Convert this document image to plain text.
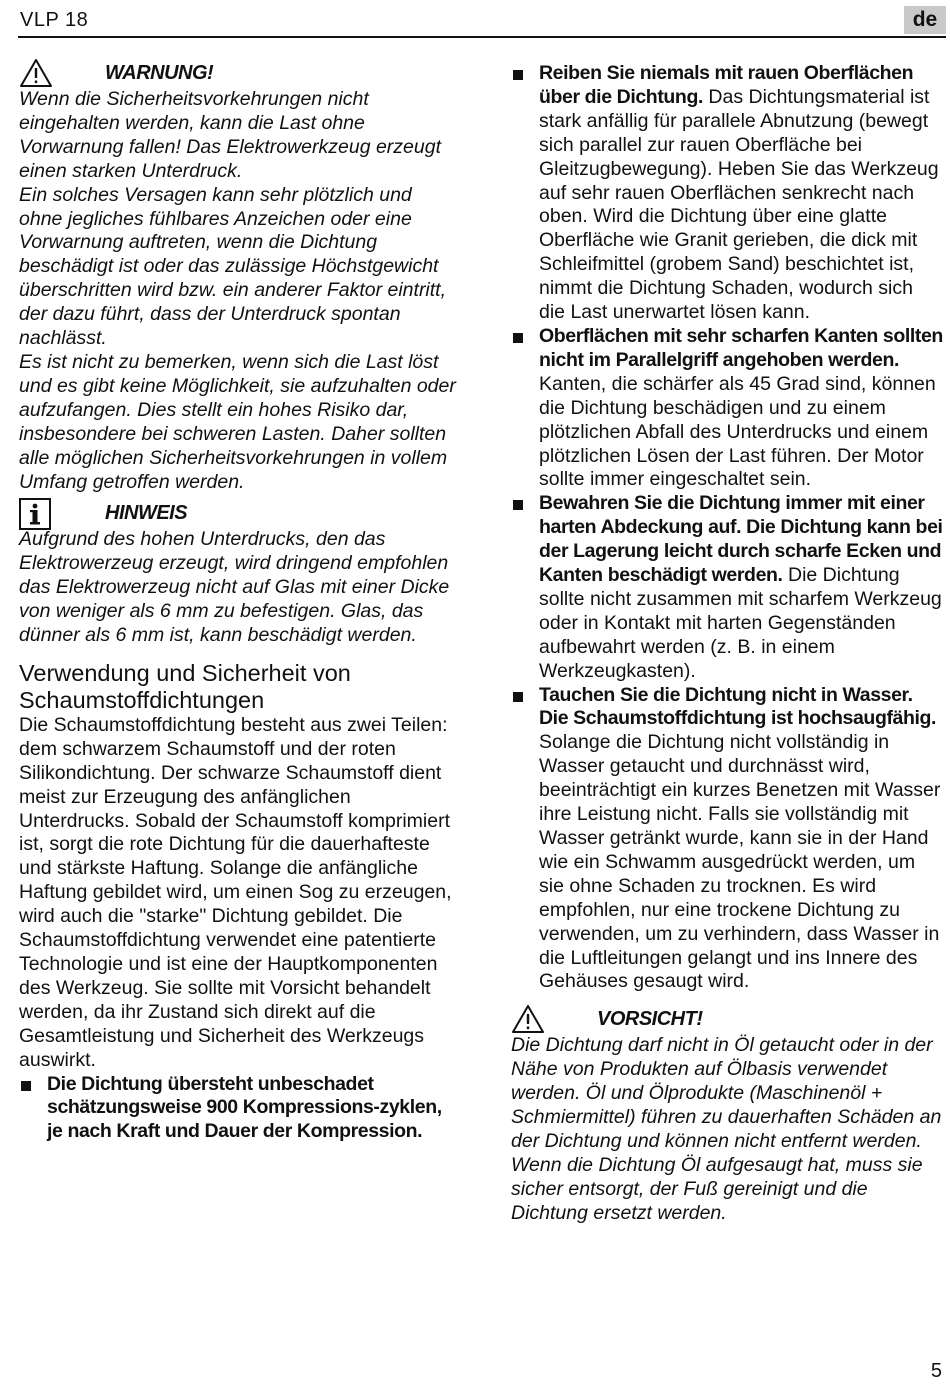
VLP 18	de
WARNUNG!

Wenn die Sicherheitsvorkehrungen nicht eingehalten werden, kann die Last ohne Vorwarnung fallen! Das Elektrowerkzeug erzeugt einen starken Unterdruck.

Ein solches Versagen kann sehr plötzlich und ohne jegliches fühlbares Anzeichen oder eine Vorwarnung auftreten, wenn die Dichtung beschädigt ist oder das zulässige Höchstgewicht überschritten wird bzw. ein anderer Faktor eintritt, der dazu führt, dass der Unterdruck spontan nachlässt.

Es ist nicht zu bemerken, wenn sich die Last löst und es gibt keine Möglichkeit, sie aufzuhalten oder aufzufangen. Dies stellt ein hohes Risiko dar, insbesondere bei schweren Lasten. Daher sollten alle möglichen Sicherheitsvorkehrungen in vollem Umfang getroffen werden.

HINWEIS

Aufgrund des hohen Unterdrucks, den das Elektrowerzeug erzeugt, wird dringend empfohlen das Elektrowerzeug nicht auf Glas mit einer Dicke von weniger als 6 mm zu befestigen. Glas, das dünner als 6 mm ist, kann beschädigt werden.

Verwendung und Sicherheit von Schaumstoffdichtungen

Die Schaumstoffdichtung besteht aus zwei Teilen: dem schwarzem Schaumstoff und der roten Silikondichtung. Der schwarze Schaumstoff dient meist zur Erzeugung des anfänglichen Unterdrucks. Sobald der Schaumstoff komprimiert ist, sorgt die rote Dichtung für die dauerhafteste und stärkste Haftung. Solange die anfängliche Haftung gebildet wird, um einen Sog zu erzeugen, wird auch die "starke" Dichtung gebildet. Die Schaumstoffdichtung verwendet eine patentierte Technologie und ist eine der Hauptkomponenten des Werkzeug. Sie sollte mit Vorsicht behandelt werden, da ihr Zustand sich direkt auf die Gesamtleistung und Sicherheit des Werkzeugs auswirkt.

Die Dichtung übersteht unbeschadet schätzungsweise 900 Kompressions-zyklen, je nach Kraft und Dauer der Kompression.
Reiben Sie niemals mit rauen Oberflächen über die Dichtung. Das Dichtungsmaterial ist stark anfällig für parallele Abnutzung (bewegt sich parallel zur rauen Oberfläche bei Gleitzugbewegung). Heben Sie das Werkzeug auf sehr rauen Oberflächen senkrecht nach oben. Wird die Dichtung über eine glatte Oberfläche wie Granit gerieben, die dick mit Schleifmittel (grobem Sand) beschichtet ist, nimmt die Dichtung Schaden, wodurch sich die Last unerwartet lösen kann.
Oberflächen mit sehr scharfen Kanten sollten nicht im Parallelgriff angehoben werden. Kanten, die schärfer als 45 Grad sind, können die Dichtung beschädigen und zu einem plötzlichen Abfall des Unterdrucks und einem plötzlichen Lösen der Last führen. Der Motor sollte immer eingeschaltet sein.
Bewahren Sie die Dichtung immer mit einer harten Abdeckung auf. Die Dichtung kann bei der Lagerung leicht durch scharfe Ecken und Kanten beschädigt werden. Die Dichtung sollte nicht zusammen mit scharfem Werkzeug oder in Kontakt mit harten Gegenständen aufbewahrt werden (z. B. in einem Werkzeugkasten).
Tauchen Sie die Dichtung nicht in Wasser. Die Schaumstoffdichtung ist hochsaugfähig. Solange die Dichtung nicht vollständig in Wasser getaucht und durchnässt wird, beeinträchtigt ein kurzes Benetzen mit Wasser ihre Leistung nicht. Falls sie vollständig mit Wasser getränkt wurde, kann sie in der Hand wie ein Schwamm ausgedrückt werden, um sie ohne Schaden zu trocknen. Es wird empfohlen, nur eine trockene Dichtung zu verwenden, um zu verhindern, dass Wasser in die Luftleitungen gelangt und ins Innere des Gehäuses gesaugt wird.
VORSICHT!

Die Dichtung darf nicht in Öl getaucht oder in der Nähe von Produkten auf Ölbasis verwendet werden. Öl und Ölprodukte (Maschinenöl + Schmiermittel) führen zu dauerhaften Schäden an der Dichtung und können nicht entfernt werden. Wenn die Dichtung Öl aufgesaugt hat, muss sie sicher entsorgt, der Fuß gereinigt und die Dichtung ersetzt werden.

5
